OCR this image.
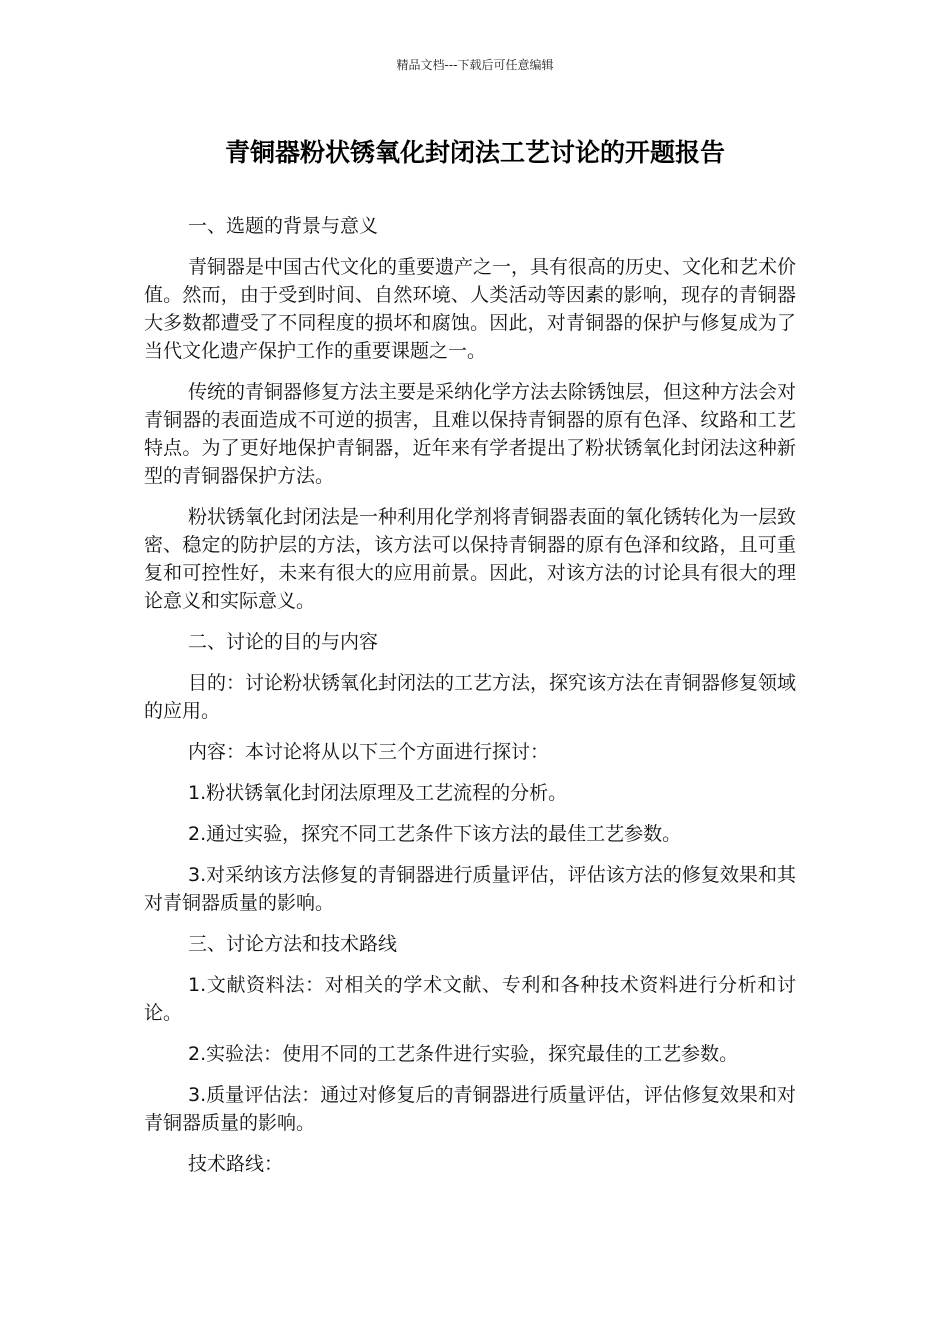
精品文档---下载后可任意编辑
青铜器粉状锈氧化封闭法工艺讨论的开题报告

一、选题的背景与意义

青铜器是中国古代文化的重要遗产之一，具有很高的历史、文化和艺术价值。然而，由于受到时间、自然环境、人类活动等因素的影响，现存的青铜器大多数都遭受了不同程度的损坏和腐蚀。因此，对青铜器的保护与修复成为了当代文化遗产保护工作的重要课题之一。

传统的青铜器修复方法主要是采纳化学方法去除锈蚀层，但这种方法会对青铜器的表面造成不可逆的损害，且难以保持青铜器的原有色泽、纹路和工艺特点。为了更好地保护青铜器，近年来有学者提出了粉状锈氧化封闭法这种新型的青铜器保护方法。

粉状锈氧化封闭法是一种利用化学剂将青铜器表面的氧化锈转化为一层致密、稳定的防护层的方法，该方法可以保持青铜器的原有色泽和纹路，且可重复和可控性好，未来有很大的应用前景。因此，对该方法的讨论具有很大的理论意义和实际意义。

二、讨论的目的与内容

目的：讨论粉状锈氧化封闭法的工艺方法，探究该方法在青铜器修复领域的应用。

内容：本讨论将从以下三个方面进行探讨：

1.粉状锈氧化封闭法原理及工艺流程的分析。

2.通过实验，探究不同工艺条件下该方法的最佳工艺参数。

3.对采纳该方法修复的青铜器进行质量评估，评估该方法的修复效果和其对青铜器质量的影响。

三、讨论方法和技术路线

1.文献资料法：对相关的学术文献、专利和各种技术资料进行分析和讨论。

2.实验法：使用不同的工艺条件进行实验，探究最佳的工艺参数。

3.质量评估法：通过对修复后的青铜器进行质量评估，评估修复效果和对青铜器质量的影响。

技术路线：
